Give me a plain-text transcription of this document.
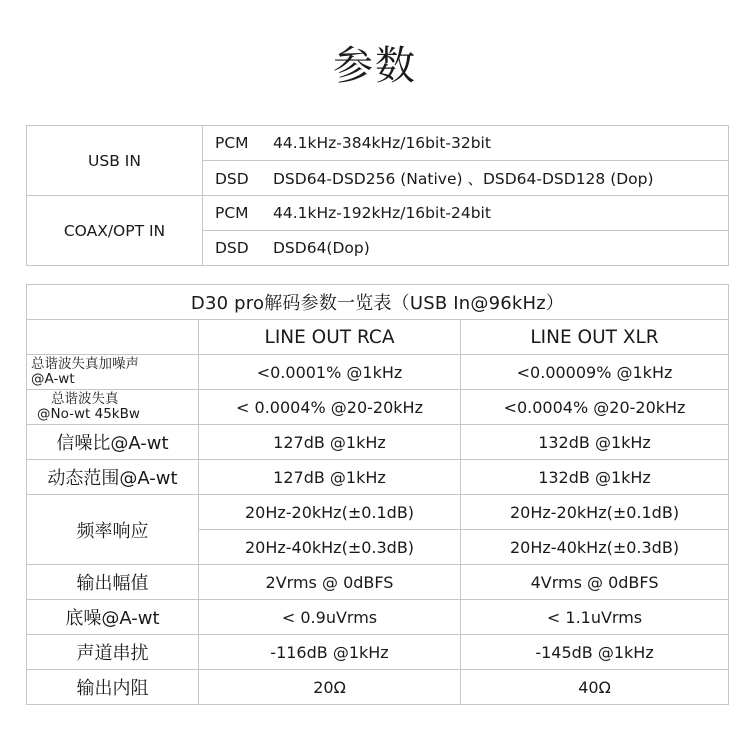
参数
USB IN	PCM 44.1kHz-384kHz/16bit-32bit
	DSD DSD64-DSD256 (Native) 、DSD64-DSD128 (Dop)
COAX/OPT IN	PCM 44.1kHz-192kHz/16bit-24bit
	DSD DSD64(Dop)
D30 pro解码参数一览表（USB In@96kHz）		
	LINE OUT RCA	LINE OUT XLR

总谐波失真加噪声
@A-wt	<0.0001% @1kHz	<0.00009% @1kHz

总谐波失真
@No-wt 45kBw	< 0.0004% @20-20kHz	<0.0004% @20-20kHz
信噪比@A-wt	127dB @1kHz	132dB @1kHz
动态范围@A-wt	127dB @1kHz	132dB @1kHz
频率响应	20Hz-20kHz(±0.1dB)	20Hz-20kHz(±0.1dB)
	20Hz-40kHz(±0.3dB)	20Hz-40kHz(±0.3dB)
输出幅值	2Vrms @ 0dBFS	4Vrms @ 0dBFS
底噪@A-wt	< 0.9uVrms	< 1.1uVrms
声道串扰	-116dB @1kHz	-145dB @1kHz
输出内阻	20Ω	40Ω
